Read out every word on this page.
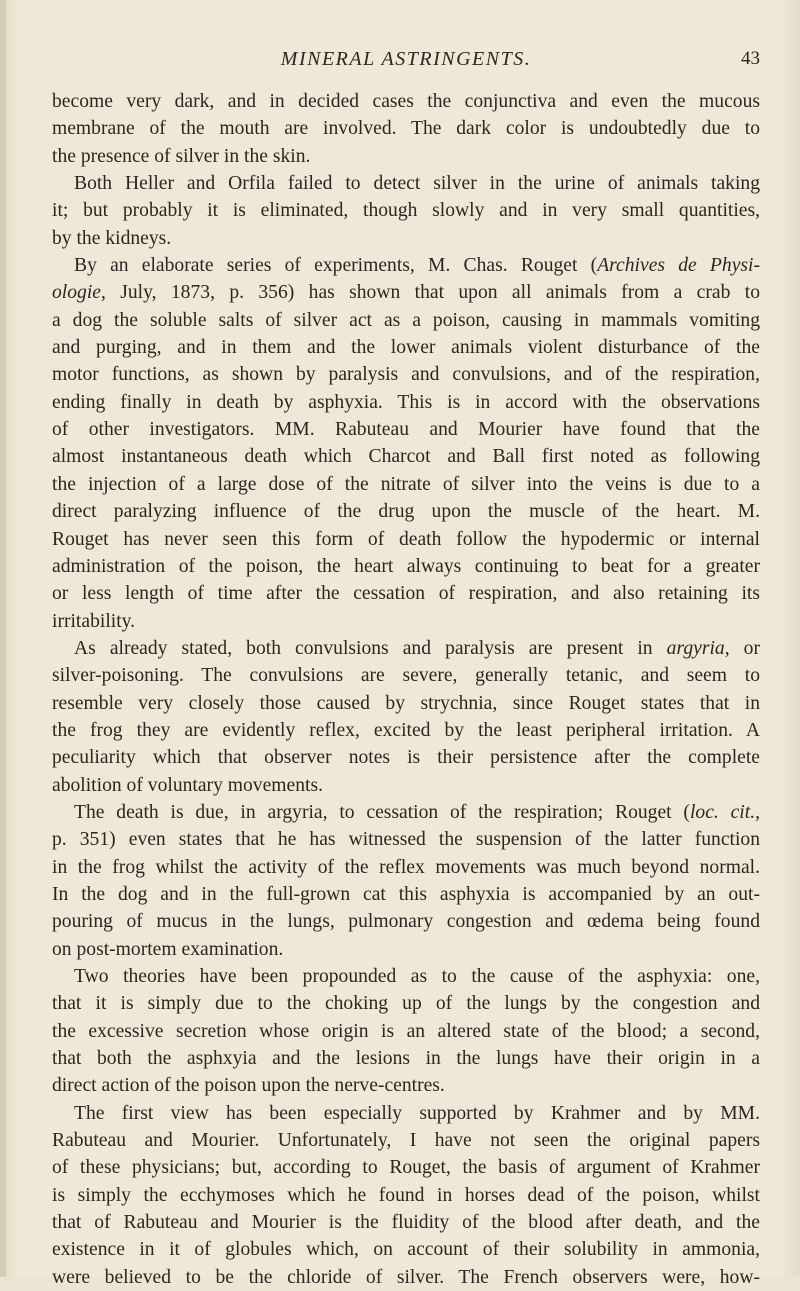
MINERAL ASTRINGENTS.	43
become very dark, and in decided cases the conjunctiva and even the mucous
membrane of the mouth are involved. The dark color is undoubtedly due to
the presence of silver in the skin.
Both Heller and Orfila failed to detect silver in the urine of animals taking
it; but probably it is eliminated, though slowly and in very small quantities,
by the kidneys.
By an elaborate series of experiments, M. Chas. Rouget (Archives de Physi-
ologie, July, 1873, p. 356) has shown that upon all animals from a crab to
a dog the soluble salts of silver act as a poison, causing in mammals vomiting
and purging, and in them and the lower animals violent disturbance of the
motor functions, as shown by paralysis and convulsions, and of the respiration,
ending finally in death by asphyxia. This is in accord with the observations
of other investigators. MM. Rabuteau and Mourier have found that the
almost instantaneous death which Charcot and Ball first noted as following
the injection of a large dose of the nitrate of silver into the veins is due to a
direct paralyzing influence of the drug upon the muscle of the heart. M.
Rouget has never seen this form of death follow the hypodermic or internal
administration of the poison, the heart always continuing to beat for a greater
or less length of time after the cessation of respiration, and also retaining its
irritability.
As already stated, both convulsions and paralysis are present in argyria, or
silver-poisoning. The convulsions are severe, generally tetanic, and seem to
resemble very closely those caused by strychnia, since Rouget states that in
the frog they are evidently reflex, excited by the least peripheral irritation. A
peculiarity which that observer notes is their persistence after the complete
abolition of voluntary movements.
The death is due, in argyria, to cessation of the respiration; Rouget (loc. cit.,
p. 351) even states that he has witnessed the suspension of the latter function
in the frog whilst the activity of the reflex movements was much beyond normal.
In the dog and in the full-grown cat this asphyxia is accompanied by an out-
pouring of mucus in the lungs, pulmonary congestion and œdema being found
on post-mortem examination.
Two theories have been propounded as to the cause of the asphyxia: one,
that it is simply due to the choking up of the lungs by the congestion and
the excessive secretion whose origin is an altered state of the blood; a second,
that both the asphxyia and the lesions in the lungs have their origin in a
direct action of the poison upon the nerve-centres.
The first view has been especially supported by Krahmer and by MM.
Rabuteau and Mourier. Unfortunately, I have not seen the original papers
of these physicians; but, according to Rouget, the basis of argument of Krahmer
is simply the ecchymoses which he found in horses dead of the poison, whilst
that of Rabuteau and Mourier is the fluidity of the blood after death, and the
existence in it of globules which, on account of their solubility in ammonia,
were believed to be the chloride of silver. The French observers were, how-
